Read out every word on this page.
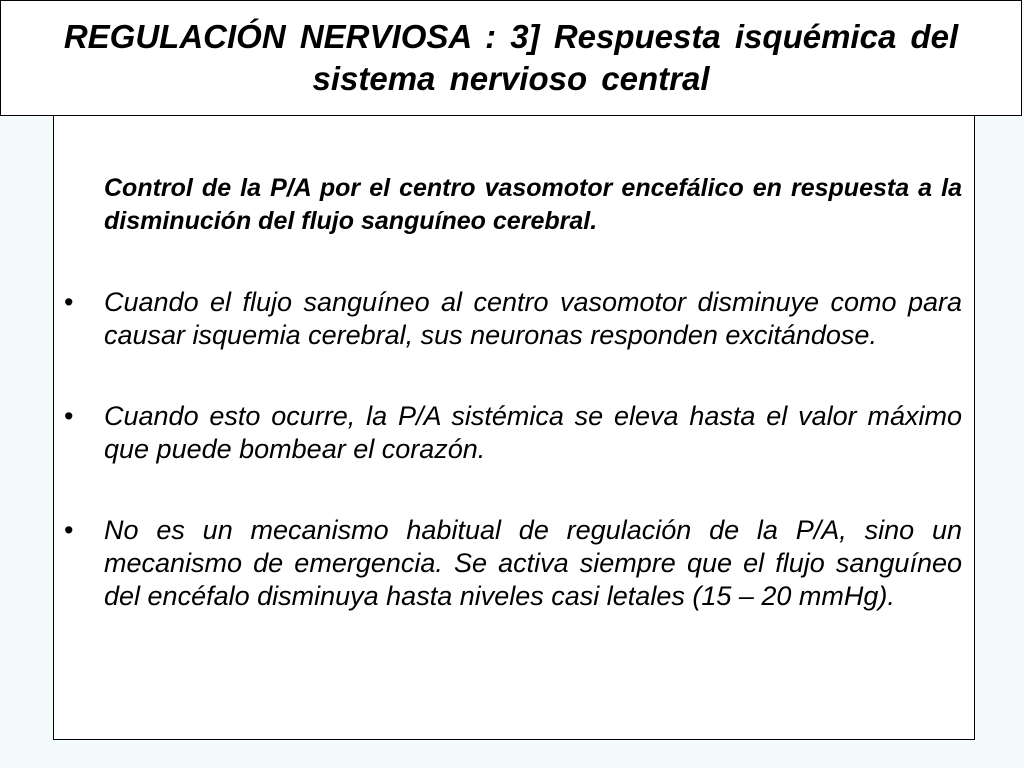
REGULACIÓN NERVIOSA : 3] Respuesta isquémica del sistema nervioso central

Control de la P/A por el centro vasomotor encefálico en respuesta a la disminución del flujo sanguíneo cerebral.

• Cuando el flujo sanguíneo al centro vasomotor disminuye como para causar isquemia cerebral, sus neuronas responden excitándose.

• Cuando esto ocurre, la P/A sistémica se eleva hasta el valor máximo que puede bombear el corazón.

• No es un mecanismo habitual de regulación de la P/A, sino un mecanismo de emergencia. Se activa siempre que el flujo sanguíneo del encéfalo disminuya hasta niveles casi letales (15 – 20 mmHg).
